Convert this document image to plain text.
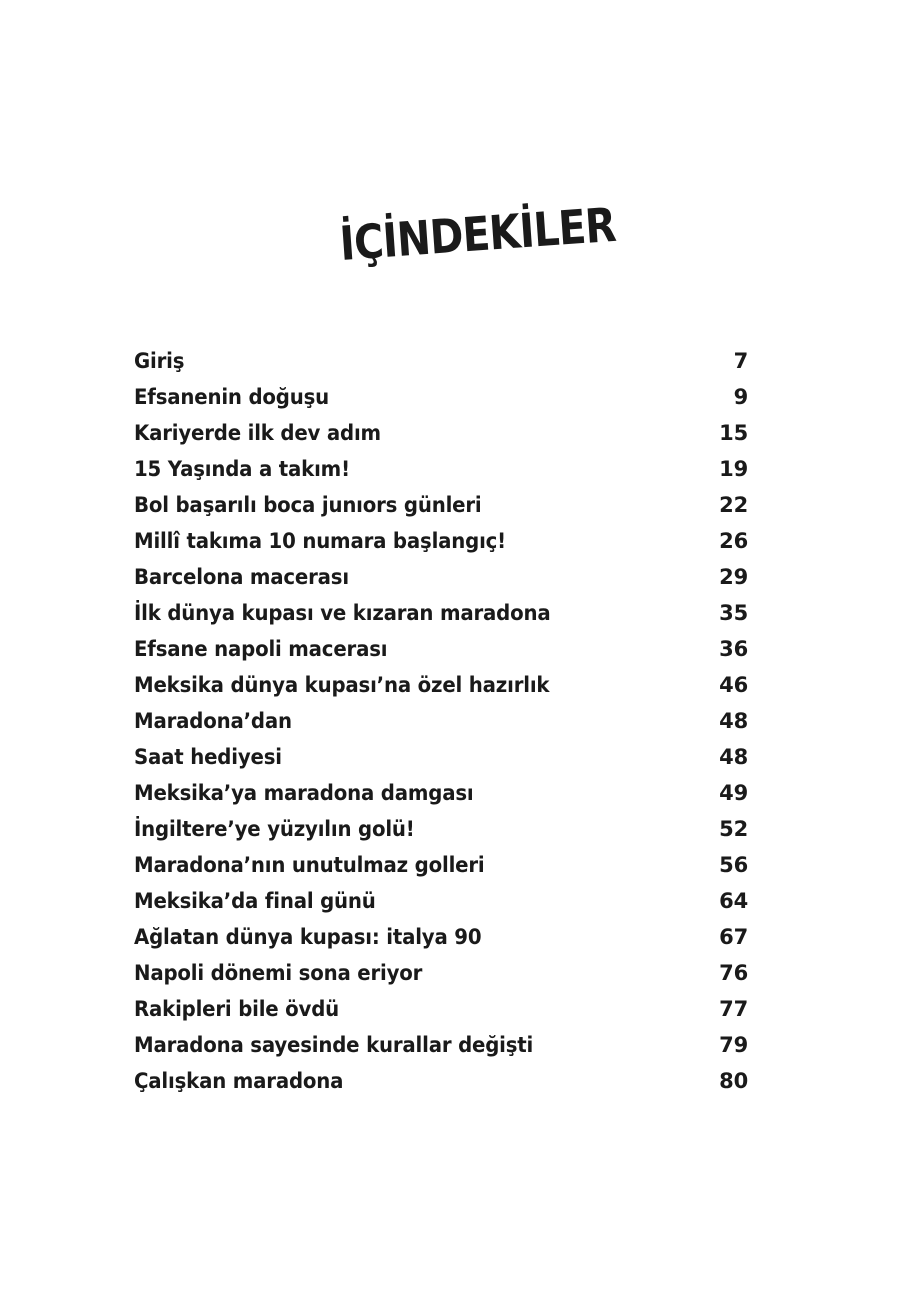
İÇİNDEKİLER
Giriş	7
Efsanenin doğuşu	9
Kariyerde ilk dev adım	15
15 Yaşında a takım!	19
Bol başarılı boca junıors günleri	22
Millî takıma 10 numara başlangıç!	26
Barcelona macerası	29
İlk dünya kupası ve kızaran maradona	35
Efsane napoli macerası	36
Meksika dünya kupası’na özel hazırlık	46
Maradona’dan	48
Saat hediyesi	48
Meksika’ya maradona damgası	49
İngiltere’ye yüzyılın golü!	52
Maradona’nın unutulmaz golleri	56
Meksika’da final günü	64
Ağlatan dünya kupası: italya 90	67
Napoli dönemi sona eriyor	76
Rakipleri bile övdü	77
Maradona sayesinde kurallar değişti	79
Çalışkan maradona	80
